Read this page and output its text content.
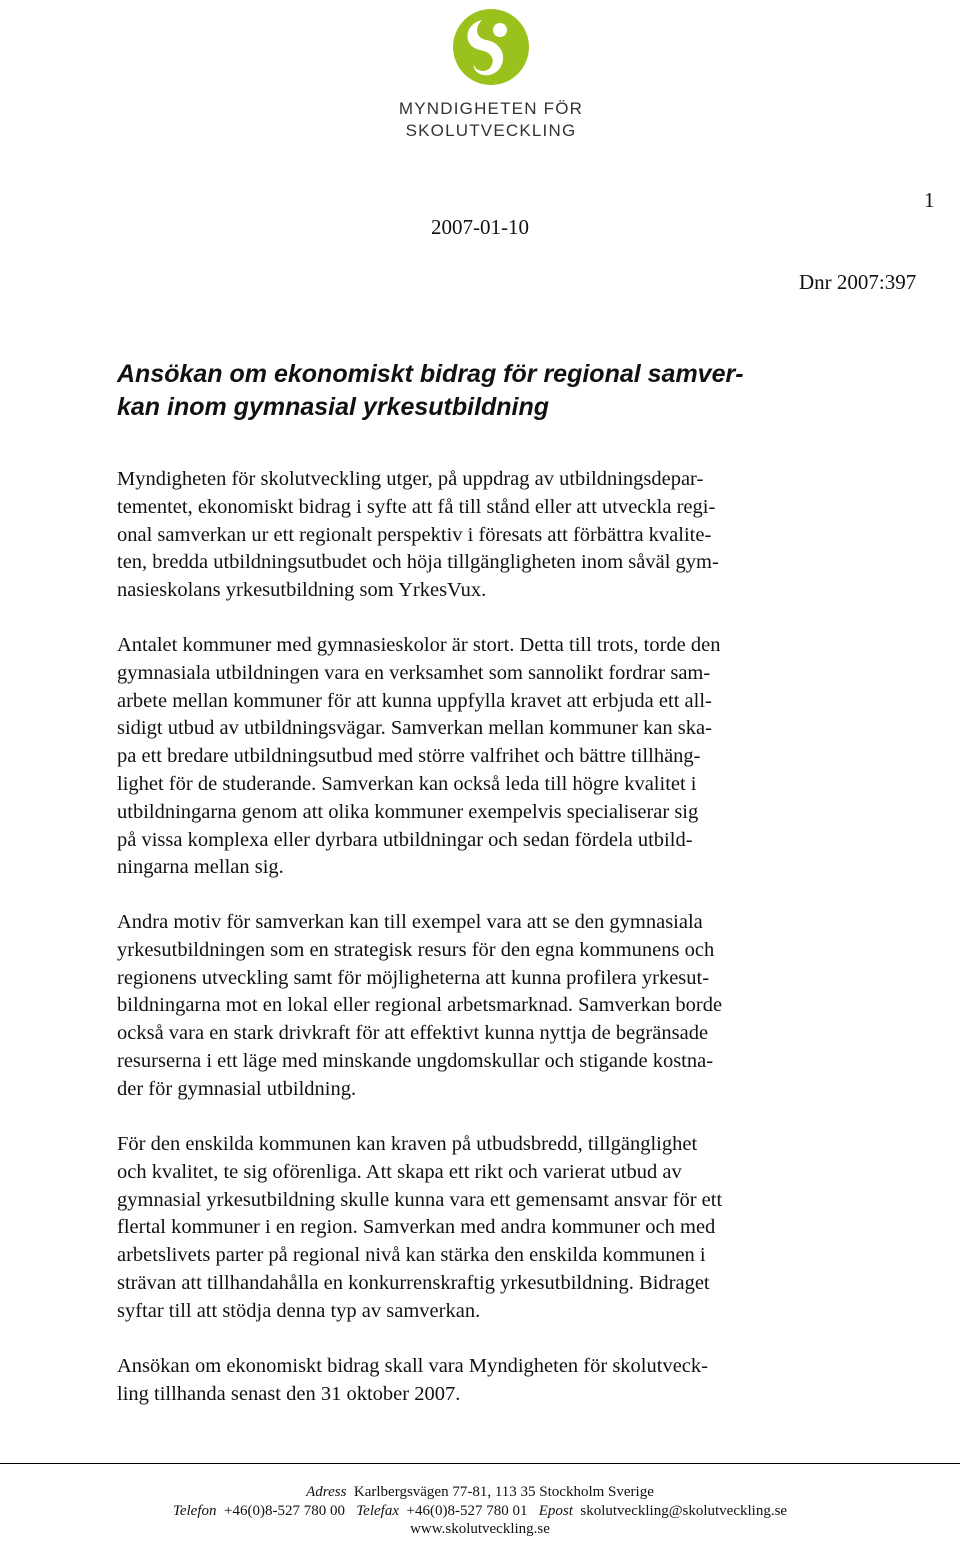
MYNDIGHETEN FÖR
SKOLUTVECKLING
1
2007-01-10
Dnr 2007:397
Ansökan om ekonomiskt bidrag för regional samver-
kan inom gymnasial yrkesutbildning
Myndigheten för skolutveckling utger, på uppdrag av utbildningsdepar-
tementet, ekonomiskt bidrag i syfte att få till stånd eller att utveckla regi-
onal samverkan ur ett regionalt perspektiv i föresats att förbättra kvalite-
ten, bredda utbildningsutbudet och höja tillgängligheten inom såväl gym-
nasieskolans yrkesutbildning som YrkesVux.
Antalet kommuner med gymnasieskolor är stort. Detta till trots, torde den
gymnasiala utbildningen vara en verksamhet som sannolikt fordrar sam-
arbete mellan kommuner för att kunna uppfylla kravet att erbjuda ett all-
sidigt utbud av utbildningsvägar. Samverkan mellan kommuner kan ska-
pa ett bredare utbildningsutbud med större valfrihet och bättre tillhäng-
lighet för de studerande. Samverkan kan också leda till högre kvalitet i
utbildningarna genom att olika kommuner exempelvis specialiserar sig
på vissa komplexa eller dyrbara utbildningar och sedan fördela utbild-
ningarna mellan sig.
Andra motiv för samverkan kan till exempel vara att se den gymnasiala
yrkesutbildningen som en strategisk resurs för den egna kommunens och
regionens utveckling samt för möjligheterna att kunna profilera yrkesut-
bildningarna mot en lokal eller regional arbetsmarknad. Samverkan borde
också vara en stark drivkraft för att effektivt kunna nyttja de begränsade
resurserna i ett läge med minskande ungdomskullar och stigande kostna-
der för gymnasial utbildning.
För den enskilda kommunen kan kraven på utbudsbredd, tillgänglighet
och kvalitet, te sig oförenliga. Att skapa ett rikt och varierat utbud av
gymnasial yrkesutbildning skulle kunna vara ett gemensamt ansvar för ett
flertal kommuner i en region. Samverkan med andra kommuner och med
arbetslivets parter på regional nivå kan stärka den enskilda kommunen i
strävan att tillhandahålla en konkurrenskraftig yrkesutbildning. Bidraget
syftar till att stödja denna typ av samverkan.
Ansökan om ekonomiskt bidrag skall vara Myndigheten för skolutveck-
ling tillhanda senast den 31 oktober 2007.
Adress Karlbergsvägen 77-81, 113 35 Stockholm Sverige
Telefon +46(0)8-527 780 00 Telefax +46(0)8-527 780 01 Epost skolutveckling@skolutveckling.se
www.skolutveckling.se
